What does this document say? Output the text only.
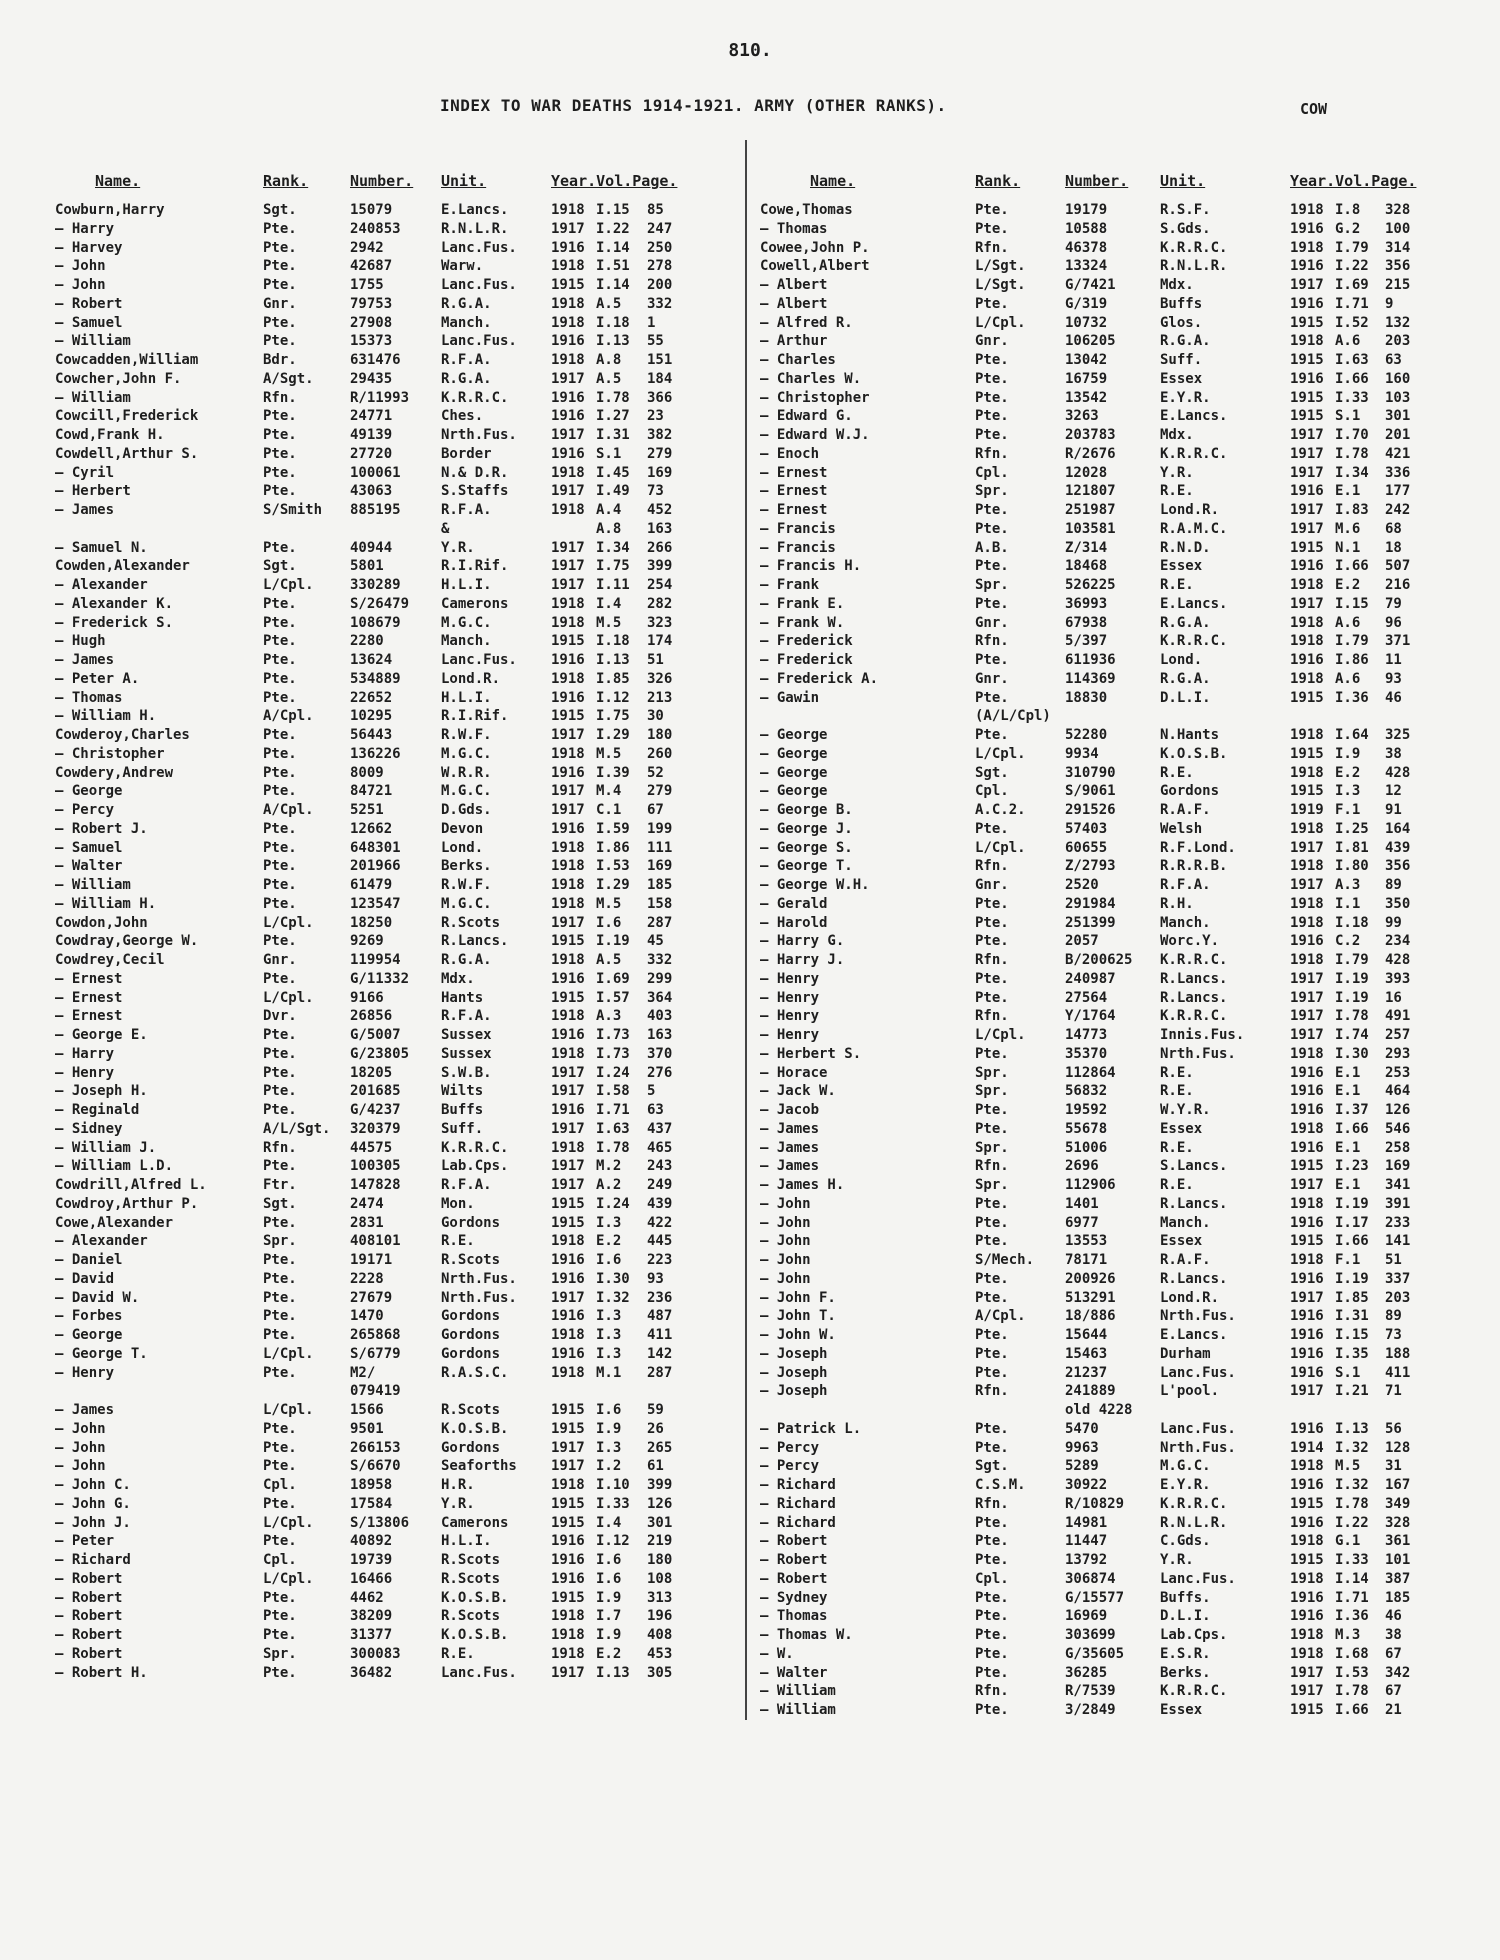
810.
INDEX TO WAR DEATHS 1914-1921. ARMY (OTHER RANKS).	COW
Name.	Rank.	Number. Unit.	Year.Vol.Page.
Cowburn,Harry	Sgt.	15079	E.Lancs.	1918 I.15 85
— Harry	Pte.	240853	R.N.L.R.	1917 I.22 247
— Harvey	Pte.	2942	Lanc.Fus. 1916 I.14 250
— John	Pte.	42687	Warw.	1918 I.51 278
— John	Pte.	1755	Lanc.Fus. 1915 I.14 200
— Robert	Gnr.	79753	R.G.A.	1918 A.5 332
— Samuel	Pte.	27908	Manch.	1918 I.18 1
— William	Pte.	15373	Lanc.Fus. 1916 I.13 55
Cowcadden,William	Bdr.	631476	R.F.A.	1918 A.8 151
Cowcher,John F.	A/Sgt.	29435	R.G.A.	1917 A.5 184
— William	Rfn.	R/11993 K.R.R.C.	1916 I.78 366
Cowcill,Frederick	Pte.	24771	Ches.	1916 I.27 23
Cowd,Frank H.	Pte.	49139	Nrth.Fus. 1917 I.31 382
Cowdell,Arthur S.	Pte.	27720	Border	1916 S.1 279
— Cyril	Pte.	100061	N.& D.R.	1918 I.45 169
— Herbert	Pte.	43063	S.Staffs	1917 I.49 73
— James	S/Smith 885195	R.F.A.	1918 A.4 452
&	A.8 163
— Samuel N.	Pte.	40944	Y.R.	1917 I.34 266
Cowden,Alexander	Sgt.	5801	R.I.Rif.	1917 I.75 399
— Alexander	L/Cpl.	330289	H.L.I.	1917 I.11 254
— Alexander K.	Pte.	S/26479 Camerons	1918 I.4 282
— Frederick S.	Pte.	108679	M.G.C.	1918 M.5 323
— Hugh	Pte.	2280	Manch.	1915 I.18 174
— James	Pte.	13624	Lanc.Fus. 1916 I.13 51
— Peter A.	Pte.	534889	Lond.R.	1918 I.85 326
— Thomas	Pte.	22652	H.L.I.	1916 I.12 213
— William H.	A/Cpl.	10295	R.I.Rif.	1915 I.75 30
Cowderoy,Charles	Pte.	56443	R.W.F.	1917 I.29 180
— Christopher	Pte.	136226	M.G.C.	1918 M.5 260
Cowdery,Andrew	Pte.	8009	W.R.R.	1916 I.39 52
— George	Pte.	84721	M.G.C.	1917 M.4 279
— Percy	A/Cpl.	5251	D.Gds.	1917 C.1 67
— Robert J.	Pte.	12662	Devon	1916 I.59 199
— Samuel	Pte.	648301	Lond.	1918 I.86 111
— Walter	Pte.	201966	Berks.	1918 I.53 169
— William	Pte.	61479	R.W.F.	1918 I.29 185
— William H.	Pte.	123547	M.G.C.	1918 M.5 158
Cowdon,John	L/Cpl.	18250	R.Scots	1917 I.6 287
Cowdray,George W.	Pte.	9269	R.Lancs.	1915 I.19 45
Cowdrey,Cecil	Gnr.	119954	R.G.A.	1918 A.5 332
— Ernest	Pte.	G/11332 Mdx.	1916 I.69 299
— Ernest	L/Cpl.	9166	Hants	1915 I.57 364
— Ernest	Dvr.	26856	R.F.A.	1918 A.3 403
— George E.	Pte.	G/5007	Sussex	1916 I.73 163
— Harry	Pte.	G/23805 Sussex	1918 I.73 370
— Henry	Pte.	18205	S.W.B.	1917 I.24 276
— Joseph H.	Pte.	201685	Wilts	1917 I.58 5
— Reginald	Pte.	G/4237	Buffs	1916 I.71 63
— Sidney	A/L/Sgt. 320379	Suff.	1917 I.63 437
— William J.	Rfn.	44575	K.R.R.C.	1918 I.78 465
— William L.D.	Pte.	100305	Lab.Cps.	1917 M.2 243
Cowdrill,Alfred L.	Ftr.	147828	R.F.A.	1917 A.2 249
Cowdroy,Arthur P.	Sgt.	2474	Mon.	1915 I.24 439
Cowe,Alexander	Pte.	2831	Gordons	1915 I.3 422
— Alexander	Spr.	408101	R.E.	1918 E.2 445
— Daniel	Pte.	19171	R.Scots	1916 I.6 223
— David	Pte.	2228	Nrth.Fus. 1916 I.30 93
— David W.	Pte.	27679	Nrth.Fus. 1917 I.32 236
— Forbes	Pte.	1470	Gordons	1916 I.3 487
— George	Pte.	265868	Gordons	1918 I.3 411
— George T.	L/Cpl.	S/6779	Gordons	1916 I.3 142
— Henry	Pte.	M2/	R.A.S.C.	1918 M.1 287
079419
— James	L/Cpl.	1566	R.Scots	1915 I.6 59
— John	Pte.	9501	K.O.S.B.	1915 I.9 26
— John	Pte.	266153	Gordons	1917 I.3 265
— John	Pte.	S/6670	Seaforths 1917 I.2 61
— John C.	Cpl.	18958	H.R.	1918 I.10 399
— John G.	Pte.	17584	Y.R.	1915 I.33 126
— John J.	L/Cpl.	S/13806 Camerons	1915 I.4 301
— Peter	Pte.	40892	H.L.I.	1916 I.12 219
— Richard	Cpl.	19739	R.Scots	1916 I.6 180
— Robert	L/Cpl.	16466	R.Scots	1916 I.6 108
— Robert	Pte.	4462	K.O.S.B.	1915 I.9 313
— Robert	Pte.	38209	R.Scots	1918 I.7 196
— Robert	Pte.	31377	K.O.S.B.	1918 I.9 408
— Robert	Spr.	300083	R.E.	1918 E.2 453
— Robert H.	Pte.	36482	Lanc.Fus. 1917 I.13 305
Name.	Rank.	Number. Unit.	Year.Vol.Page.
Cowe,Thomas	Pte.	19179	R.S.F.	1918 I.8 328
— Thomas	Pte.	10588	S.Gds.	1916 G.2 100
Cowee,John P.	Rfn.	46378	K.R.R.C.	1918 I.79 314
Cowell,Albert	L/Sgt.	13324	R.N.L.R.	1916 I.22 356
— Albert	L/Sgt.	G/7421	Mdx.	1917 I.69 215
— Albert	Pte.	G/319	Buffs	1916 I.71 9
— Alfred R.	L/Cpl.	10732	Glos.	1915 I.52 132
— Arthur	Gnr.	106205	R.G.A.	1918 A.6 203
— Charles	Pte.	13042	Suff.	1915 I.63 63
— Charles W.	Pte.	16759	Essex	1916 I.66 160
— Christopher	Pte.	13542	E.Y.R.	1915 I.33 103
— Edward G.	Pte.	3263	E.Lancs.	1915 S.1 301
— Edward W.J.	Pte.	203783	Mdx.	1917 I.70 201
— Enoch	Rfn.	R/2676	K.R.R.C.	1917 I.78 421
— Ernest	Cpl.	12028	Y.R.	1917 I.34 336
— Ernest	Spr.	121807	R.E.	1916 E.1 177
— Ernest	Pte.	251987	Lond.R.	1917 I.83 242
— Francis	Pte.	103581	R.A.M.C.	1917 M.6 68
— Francis	A.B.	Z/314	R.N.D.	1915 N.1 18
— Francis H.	Pte.	18468	Essex	1916 I.66 507
— Frank	Spr.	526225	R.E.	1918 E.2 216
— Frank E.	Pte.	36993	E.Lancs.	1917 I.15 79
— Frank W.	Gnr.	67938	R.G.A.	1918 A.6 96
— Frederick	Rfn.	5/397	K.R.R.C.	1918 I.79 371
— Frederick	Pte.	611936	Lond.	1916 I.86 11
— Frederick A.	Gnr.	114369	R.G.A.	1918 A.6 93
— Gawin	Pte.	18830	D.L.I.	1915 I.36 46
(A/L/Cpl)
— George	Pte.	52280	N.Hants	1918 I.64 325
— George	L/Cpl.	9934	K.O.S.B.	1915 I.9 38
— George	Sgt.	310790	R.E.	1918 E.2 428
— George	Cpl.	S/9061	Gordons	1915 I.3 12
— George B.	A.C.2.	291526	R.A.F.	1919 F.1 91
— George J.	Pte.	57403	Welsh	1918 I.25 164
— George S.	L/Cpl.	60655	R.F.Lond.	1917 I.81 439
— George T.	Rfn.	Z/2793	R.R.R.B.	1918 I.80 356
— George W.H.	Gnr.	2520	R.F.A.	1917 A.3 89
— Gerald	Pte.	291984	R.H.	1918 I.1 350
— Harold	Pte.	251399	Manch.	1918 I.18 99
— Harry G.	Pte.	2057	Worc.Y.	1916 C.2 234
— Harry J.	Rfn.	B/200625 K.R.R.C.	1918 I.79 428
— Henry	Pte.	240987	R.Lancs.	1917 I.19 393
— Henry	Pte.	27564	R.Lancs.	1917 I.19 16
— Henry	Rfn.	Y/1764	K.R.R.C.	1917 I.78 491
— Henry	L/Cpl.	14773	Innis.Fus.	1917 I.74 257
— Herbert S.	Pte.	35370	Nrth.Fus.	1918 I.30 293
— Horace	Spr.	112864	R.E.	1916 E.1 253
— Jack W.	Spr.	56832	R.E.	1916 E.1 464
— Jacob	Pte.	19592	W.Y.R.	1916 I.37 126
— James	Pte.	55678	Essex	1918 I.66 546
— James	Spr.	51006	R.E.	1916 E.1 258
— James	Rfn.	2696	S.Lancs.	1915 I.23 169
— James H.	Spr.	112906	R.E.	1917 E.1 341
— John	Pte.	1401	R.Lancs.	1918 I.19 391
— John	Pte.	6977	Manch.	1916 I.17 233
— John	Pte.	13553	Essex	1915 I.66 141
— John	S/Mech. 78171	R.A.F.	1918 F.1 51
— John	Pte.	200926	R.Lancs.	1916 I.19 337
— John F.	Pte.	513291	Lond.R.	1917 I.85 203
— John T.	A/Cpl.	18/886	Nrth.Fus.	1916 I.31 89
— John W.	Pte.	15644	E.Lancs.	1916 I.15 73
— Joseph	Pte.	15463	Durham	1916 I.35 188
— Joseph	Pte.	21237	Lanc.Fus.	1916 S.1 411
— Joseph	Rfn.	241889	L'pool.	1917 I.21 71
old 4228
— Patrick L.	Pte.	5470	Lanc.Fus.	1916 I.13 56
— Percy	Pte.	9963	Nrth.Fus.	1914 I.32 128
— Percy	Sgt.	5289	M.G.C.	1918 M.5 31
— Richard	C.S.M.	30922	E.Y.R.	1916 I.32 167
— Richard	Rfn.	R/10829	K.R.R.C.	1915 I.78 349
— Richard	Pte.	14981	R.N.L.R.	1916 I.22 328
— Robert	Pte.	11447	C.Gds.	1918 G.1 361
— Robert	Pte.	13792	Y.R.	1915 I.33 101
— Robert	Cpl.	306874	Lanc.Fus.	1918 I.14 387
— Sydney	Pte.	G/15577	Buffs.	1916 I.71 185
— Thomas	Pte.	16969	D.L.I.	1916 I.36 46
— Thomas W.	Pte.	303699	Lab.Cps.	1918 M.3 38
— W.	Pte.	G/35605	E.S.R.	1918 I.68 67
— Walter	Pte.	36285	Berks.	1917 I.53 342
— William	Rfn.	R/7539	K.R.R.C.	1917 I.78 67
— William	Pte.	3/2849	Essex	1915 I.66 21
